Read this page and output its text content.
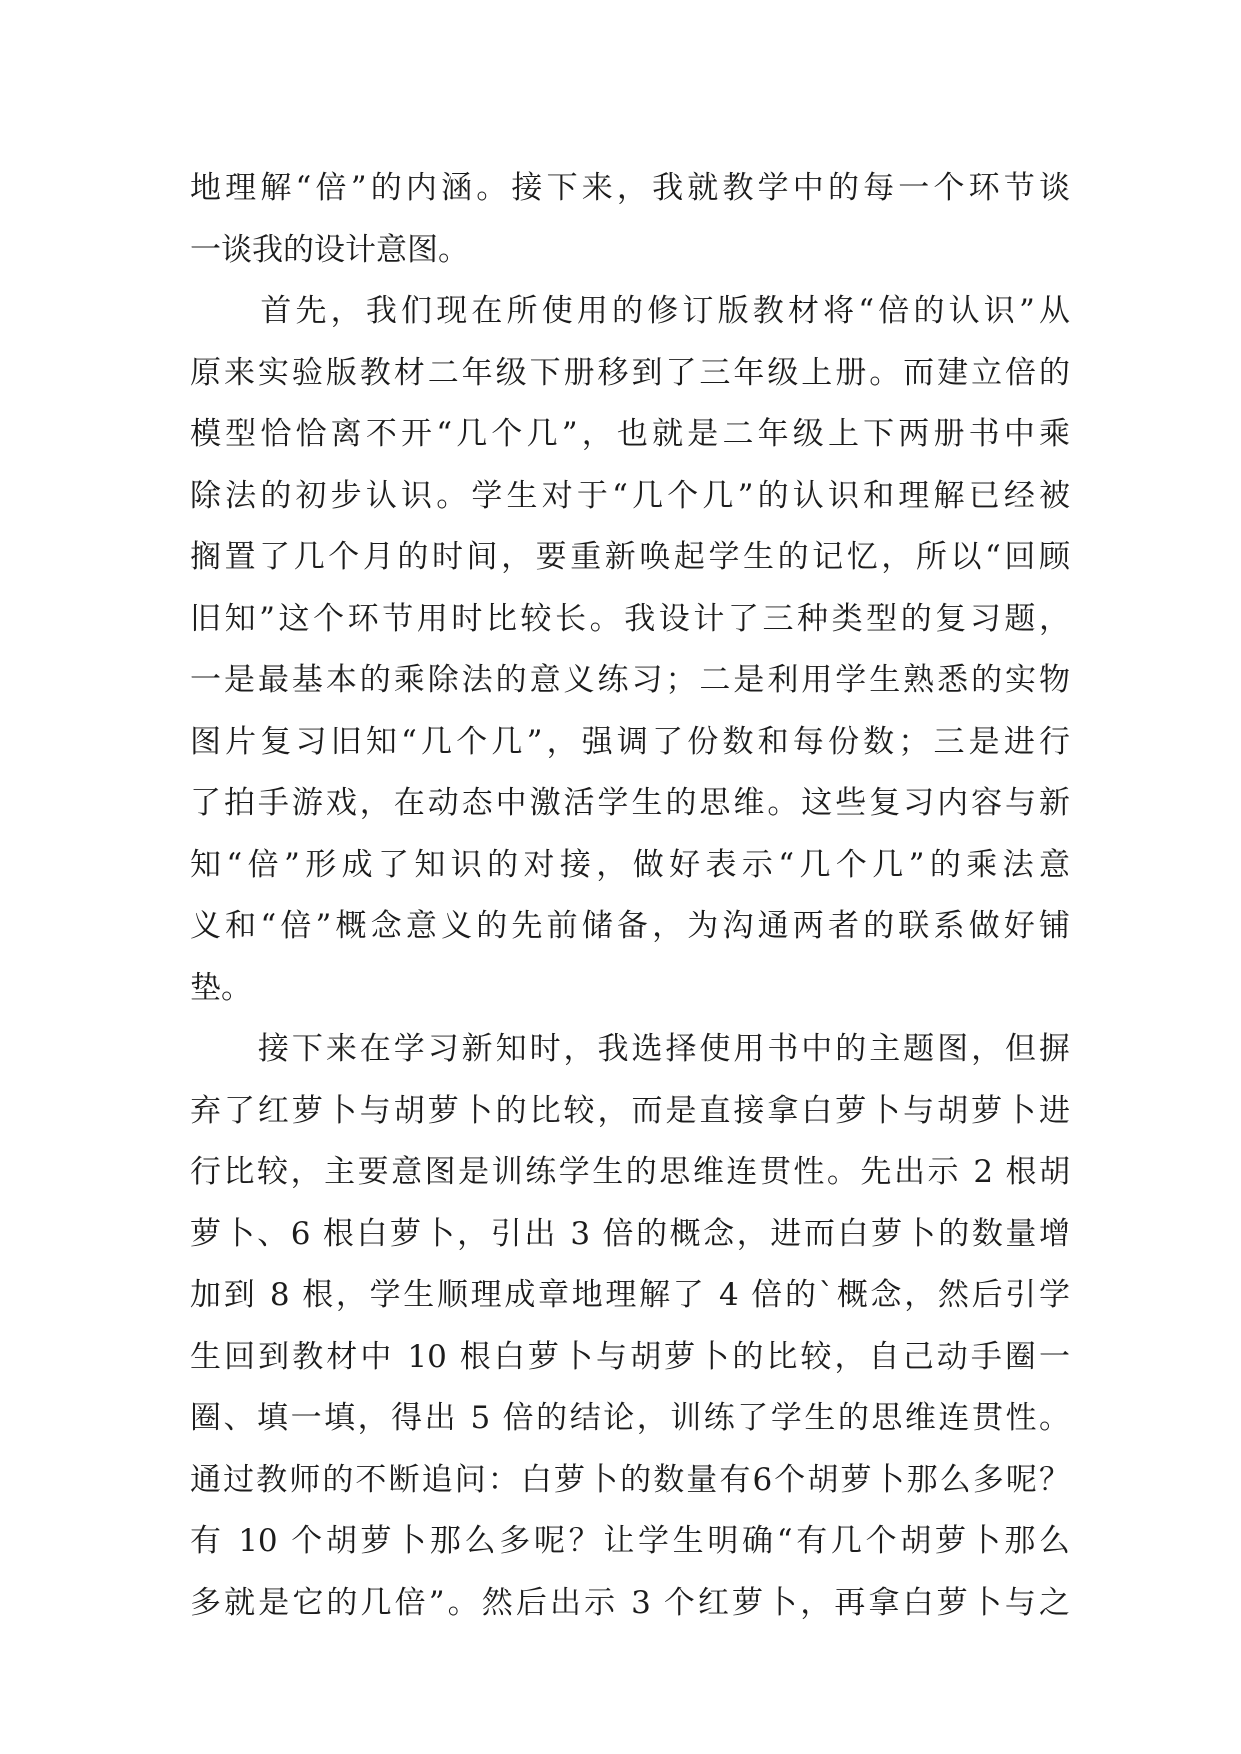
地理解“倍”的内涵。接下来，我就教学中的每一个环节谈
一谈我的设计意图。
　　首先，我们现在所使用的修订版教材将“倍的认识”从
原来实验版教材二年级下册移到了三年级上册。而建立倍的
模型恰恰离不开“几个几”，也就是二年级上下两册书中乘
除法的初步认识。学生对于“几个几”的认识和理解已经被
搁置了几个月的时间，要重新唤起学生的记忆，所以“回顾
旧知”这个环节用时比较长。我设计了三种类型的复习题，
一是最基本的乘除法的意义练习；二是利用学生熟悉的实物
图片复习旧知“几个几”，强调了份数和每份数；三是进行
了拍手游戏，在动态中激活学生的思维。这些复习内容与新
知“倍”形成了知识的对接，做好表示“几个几”的乘法意
义和“倍”概念意义的先前储备，为沟通两者的联系做好铺
垫。
　　接下来在学习新知时，我选择使用书中的主题图，但摒
弃了红萝卜与胡萝卜的比较，而是直接拿白萝卜与胡萝卜进
行比较，主要意图是训练学生的思维连贯性。先出示 2 根胡
萝卜、6 根白萝卜，引出 3 倍的概念，进而白萝卜的数量增
加到 8 根，学生顺理成章地理解了 4 倍的`概念，然后引学
生回到教材中 10 根白萝卜与胡萝卜的比较，自己动手圈一
圈、填一填，得出 5 倍的结论，训练了学生的思维连贯性。
通过教师的不断追问：白萝卜的数量有6个胡萝卜那么多呢？
有 10 个胡萝卜那么多呢？让学生明确“有几个胡萝卜那么
多就是它的几倍”。然后出示 3 个红萝卜，再拿白萝卜与之
